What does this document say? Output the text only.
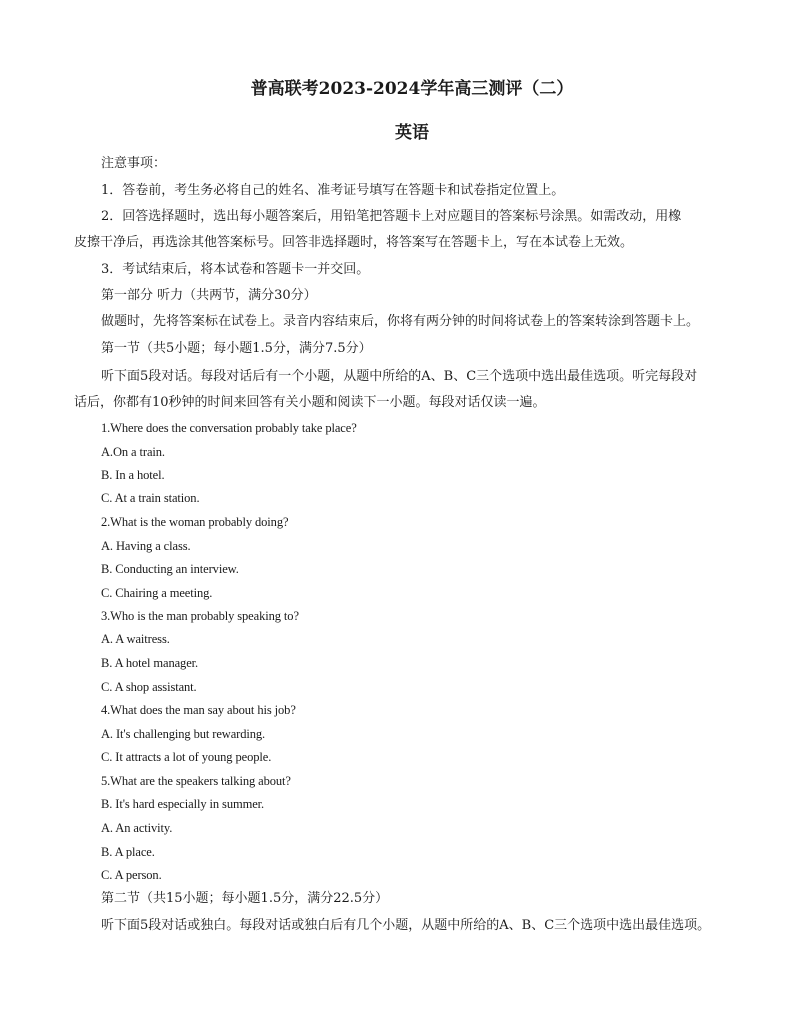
普高联考2023-2024学年高三测评（二）
英语
注意事项：
1．答卷前，考生务必将自己的姓名、准考证号填写在答题卡和试卷指定位置上。
2．回答选择题时，选出每小题答案后，用铅笔把答题卡上对应题目的答案标号涂黑。如需改动，用橡
皮擦干净后，再选涂其他答案标号。回答非选择题时，将答案写在答题卡上，写在本试卷上无效。
3．考试结束后，将本试卷和答题卡一并交回。
第一部分 听力（共两节，满分30分）
做题时，先将答案标在试卷上。录音内容结束后，你将有两分钟的时间将试卷上的答案转涂到答题卡上。
第一节（共5小题；每小题1.5分，满分7.5分）
听下面5段对话。每段对话后有一个小题，从题中所给的A、B、C三个选项中选出最佳选项。听完每段对
话后，你都有10秒钟的时间来回答有关小题和阅读下一小题。每段对话仅读一遍。
1.Where does the conversation probably take place?
A.On a train.
B. In a hotel.
C. At a train station.
2.What is the woman probably doing?
A. Having a class.
B. Conducting an interview.
C. Chairing a meeting.
3.Who is the man probably speaking to?
A. A waitress.
B. A hotel manager.
C. A shop assistant.
4.What does the man say about his job?
A. It's challenging but rewarding.
C. It attracts a lot of young people.
5.What are the speakers talking about?
B. It's hard especially in summer.
A. An activity.
B. A place.
C. A person.
第二节（共15小题；每小题1.5分，满分22.5分）
听下面5段对话或独白。每段对话或独白后有几个小题，从题中所给的A、B、C三个选项中选出最佳选项。
